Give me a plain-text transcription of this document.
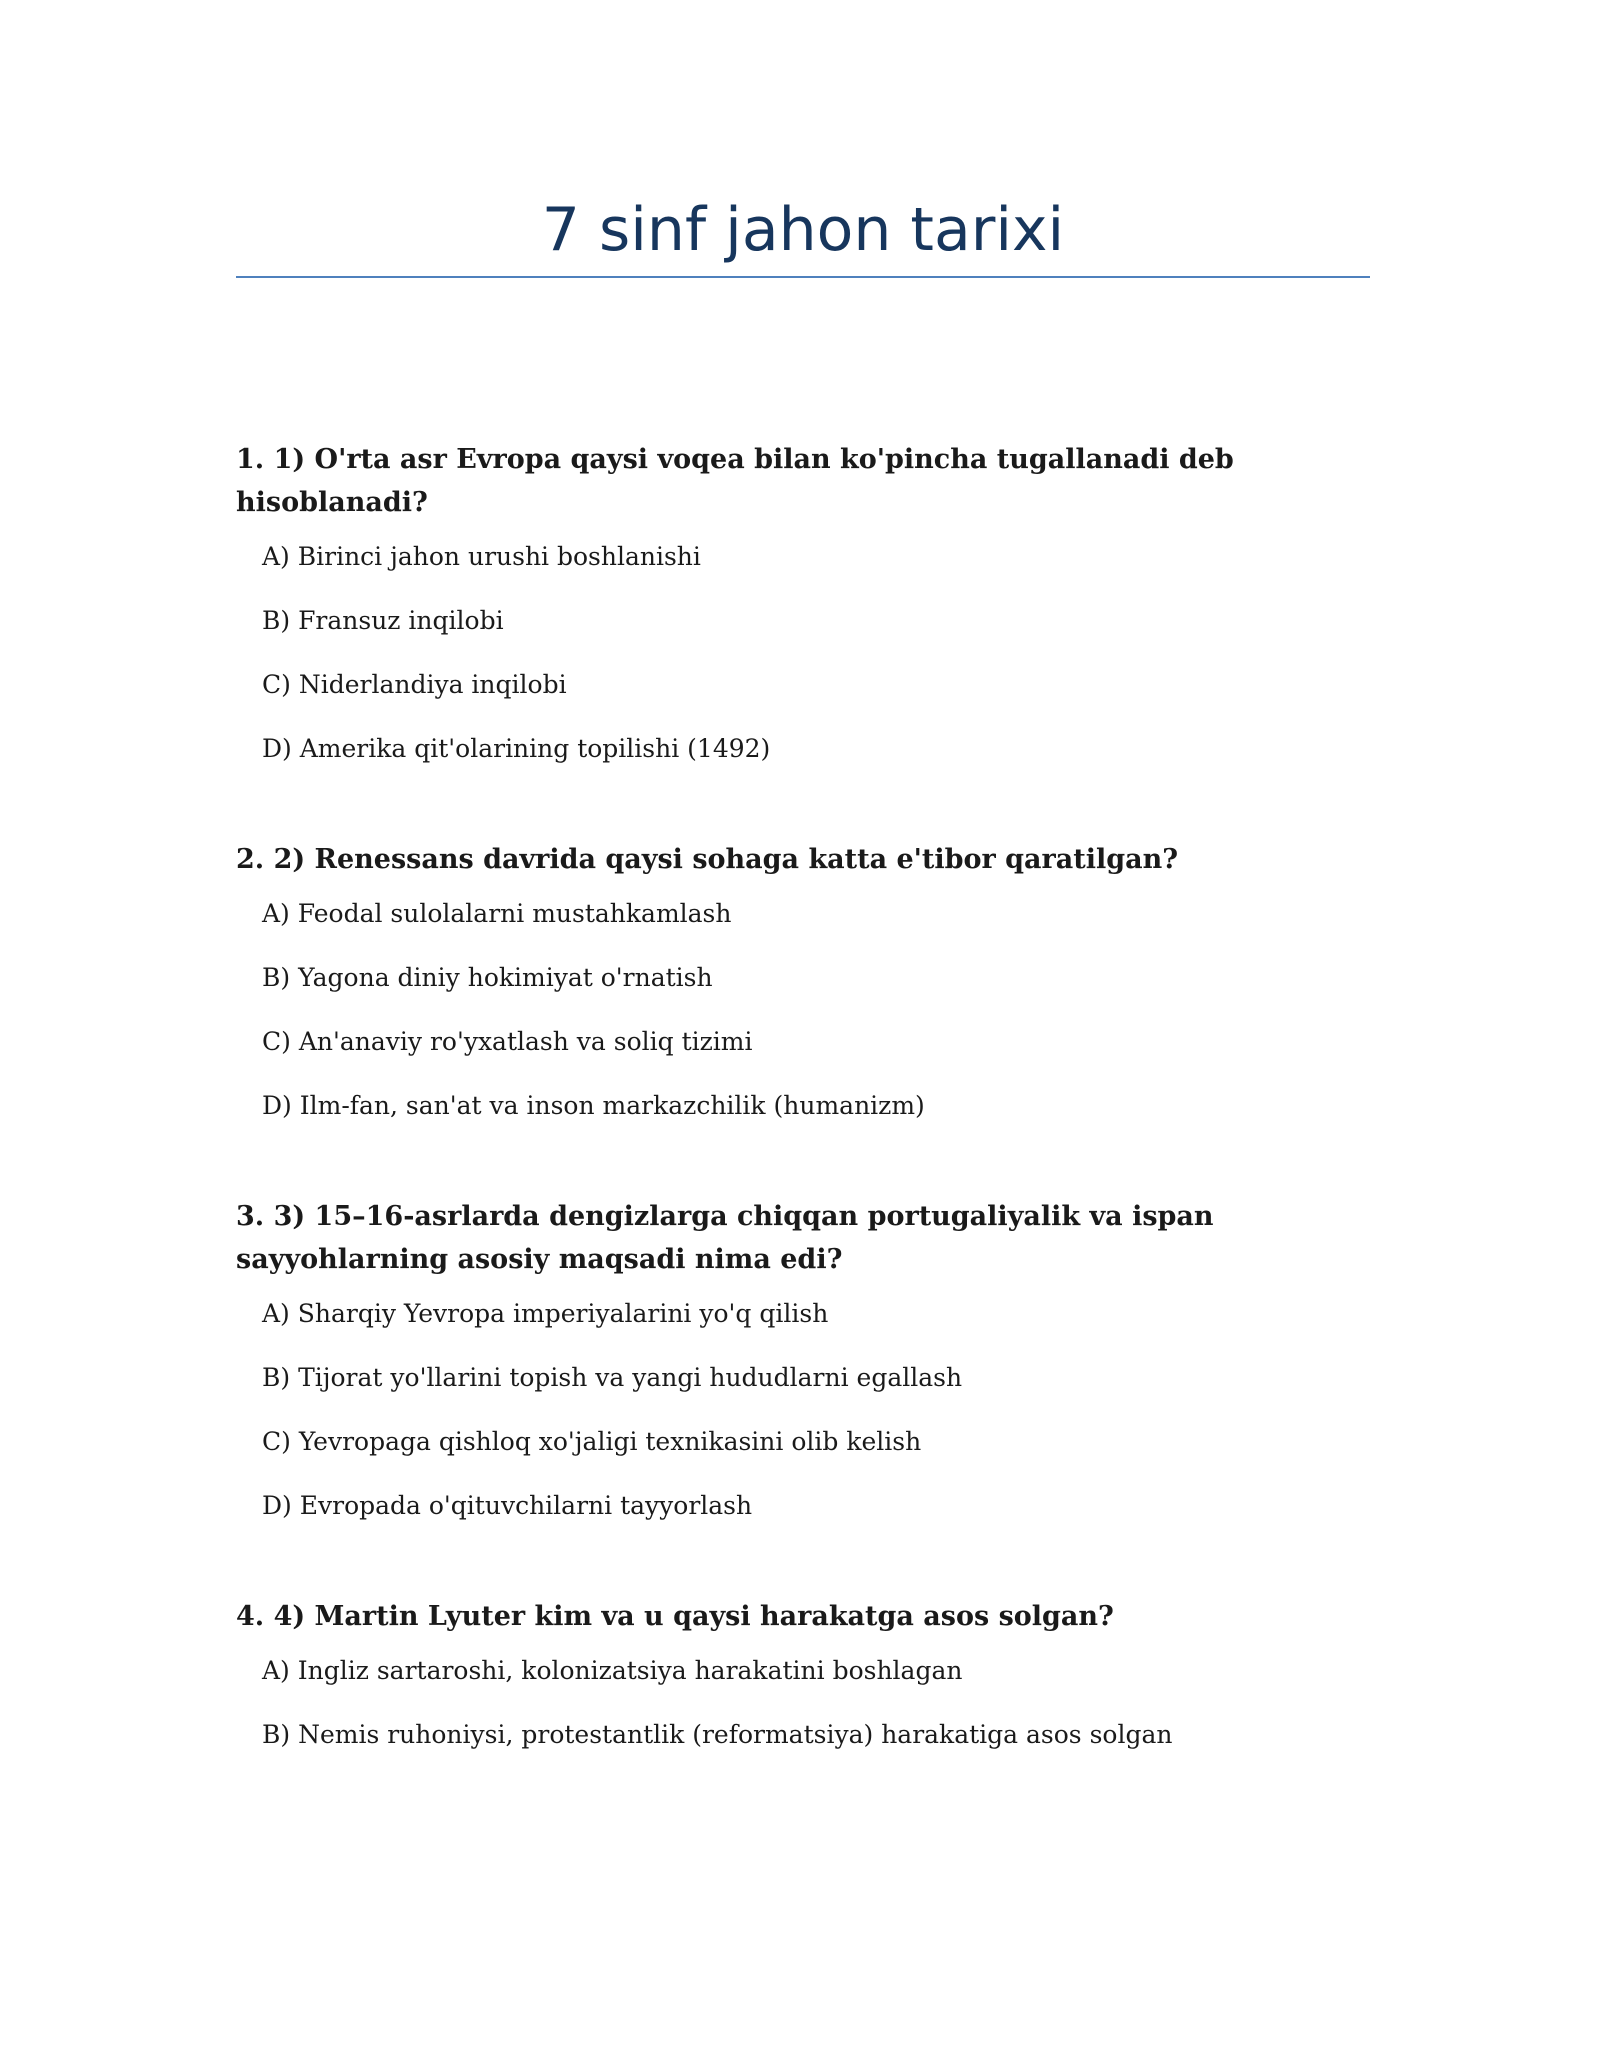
7 sinf jahon tarixi

1. 1) O'rta asr Evropa qaysi voqea bilan ko'pincha tugallanadi deb hisoblanadi?

A) Birinci jahon urushi boshlanishi
B) Fransuz inqilobi
C) Niderlandiya inqilobi
D) Amerika qit'olarining topilishi (1492)

2. 2) Renessans davrida qaysi sohaga katta e'tibor qaratilgan?

A) Feodal sulolalarni mustahkamlash
B) Yagona diniy hokimiyat o'rnatish
C) An'anaviy ro'yxatlash va soliq tizimi
D) Ilm-fan, san'at va inson markazchilik (humanizm)

3. 3) 15–16-asrlarda dengizlarga chiqqan portugaliyalik va ispan sayyohlarning asosiy maqsadi nima edi?

A) Sharqiy Yevropa imperiyalarini yo'q qilish
B) Tijorat yo'llarini topish va yangi hududlarni egallash
C) Yevropaga qishloq xo'jaligi texnikasini olib kelish
D) Evropada o'qituvchilarni tayyorlash

4. 4) Martin Lyuter kim va u qaysi harakatga asos solgan?

A) Ingliz sartaroshi, kolonizatsiya harakatini boshlagan
B) Nemis ruhoniysi, protestantlik (reformatsiya) harakatiga asos solgan
